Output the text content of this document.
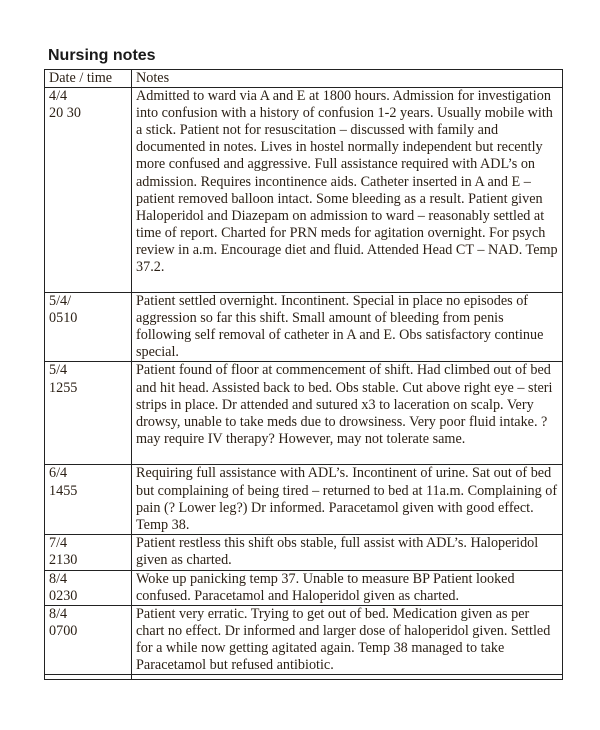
Nursing notes
Date / time	Notes

4/4
20 30	Admitted to ward via A and E at 1800 hours. Admission for investigation into confusion with a history of confusion 1-2 years. Usually mobile with a stick. Patient not for resuscitation – discussed with family and documented in notes. Lives in hostel normally independent but recently more confused and aggressive. Full assistance required with ADL’s on admission. Requires incontinence aids. Catheter inserted in A and E – patient removed balloon intact. Some bleeding as a result. Patient given Haloperidol and Diazepam on admission to ward – reasonably settled at time of report. Charted for PRN meds for agitation overnight. For psych review in a.m. Encourage diet and fluid. Attended Head CT – NAD. Temp 37.2.

5/4/
0510	Patient settled overnight. Incontinent. Special in place no episodes of aggression so far this shift. Small amount of bleeding from penis following self removal of catheter in A and E. Obs satisfactory continue special.

5/4
1255	Patient found of floor at commencement of shift. Had climbed out of bed and hit head. Assisted back to bed. Obs stable. Cut above right eye – steri strips in place. Dr attended and sutured x3 to laceration on scalp. Very drowsy, unable to take meds due to drowsiness. Very poor fluid intake. ?may require IV therapy? However, may not tolerate same.

6/4
1455	Requiring full assistance with ADL’s. Incontinent of urine. Sat out of bed but complaining of being tired – returned to bed at 11a.m. Complaining of pain (? Lower leg?) Dr informed. Paracetamol given with good effect. Temp 38.

7/4
2130	Patient restless this shift obs stable, full assist with ADL’s. Haloperidol given as charted.

8/4
0230	Woke up panicking temp 37. Unable to measure BP Patient looked confused. Paracetamol and Haloperidol given as charted.

8/4
0700	Patient very erratic. Trying to get out of bed. Medication given as per chart no effect. Dr informed and larger dose of haloperidol given. Settled for a while now getting agitated again. Temp 38 managed to take Paracetamol but refused antibiotic.
